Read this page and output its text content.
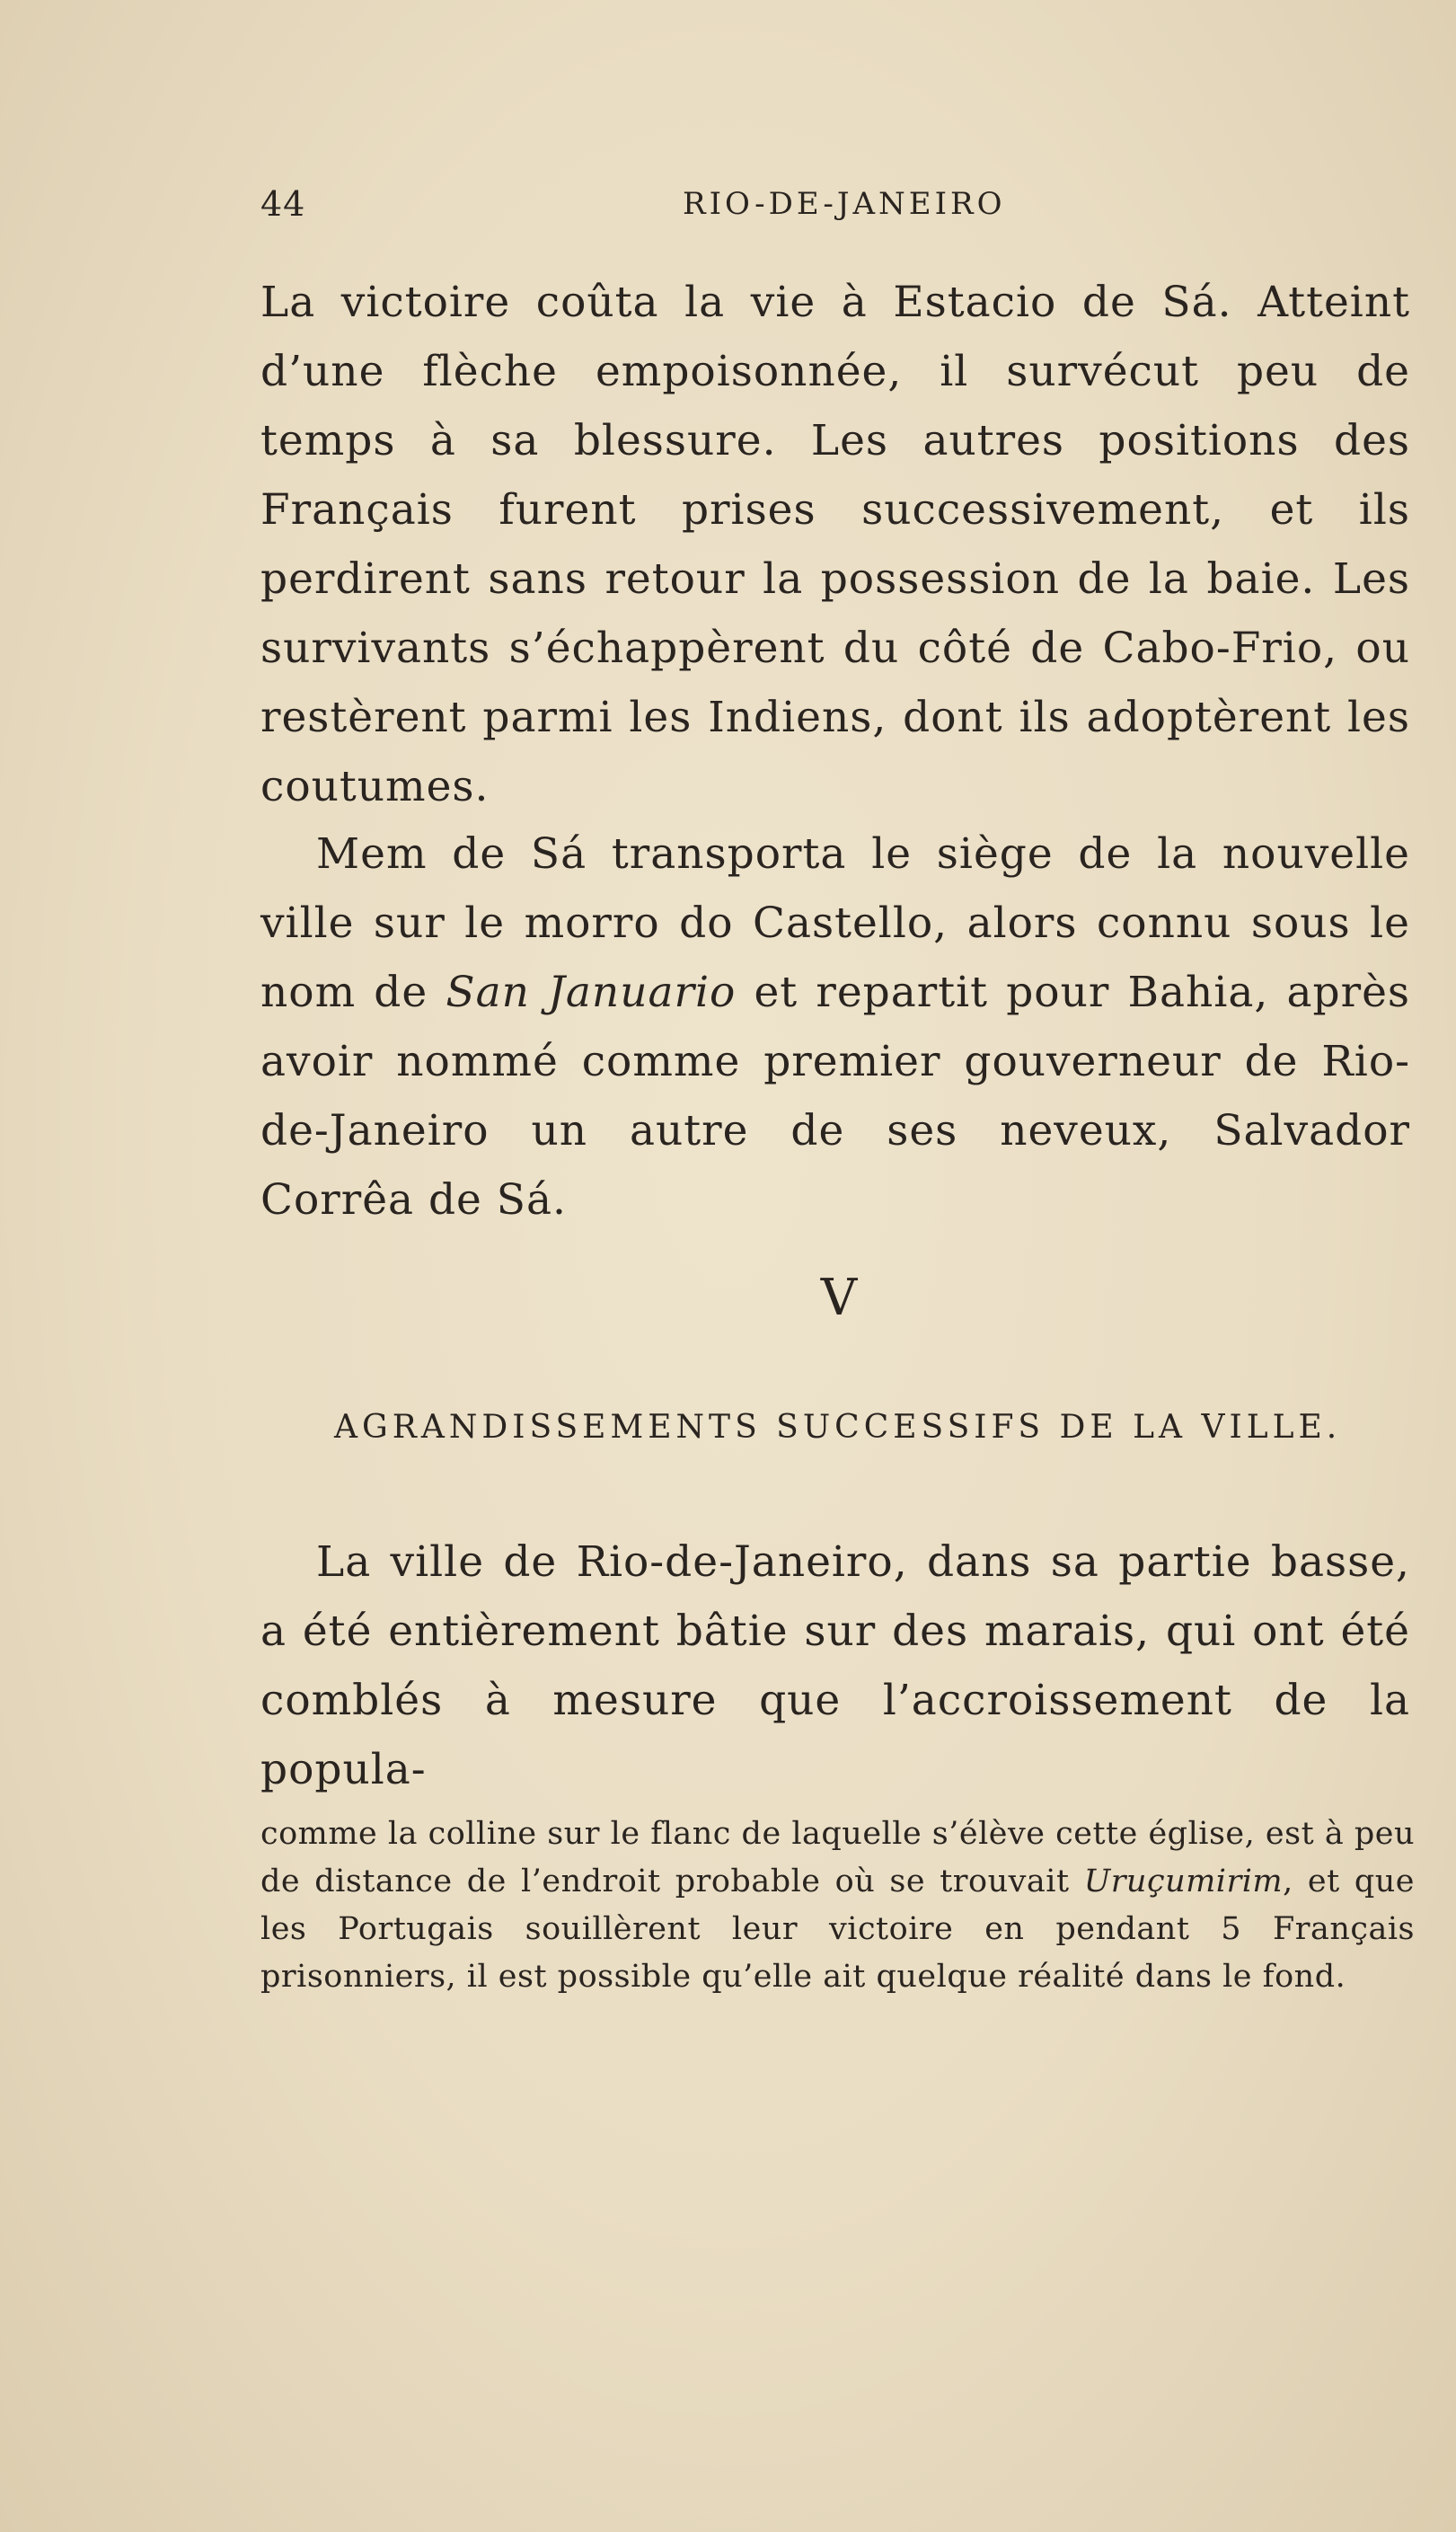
44	RIO-DE-JANEIRO

La victoire coûta la vie à Estacio de Sá. Atteint d’une flèche empoisonnée, il survécut peu de temps à sa blessure. Les autres positions des Français furent prises successivement, et ils perdirent sans retour la possession de la baie. Les survivants s’échappèrent du côté de Cabo-Frio, ou restèrent parmi les Indiens, dont ils adoptèrent les coutumes.

Mem de Sá transporta le siège de la nouvelle ville sur le morro do Castello, alors connu sous le nom de San Januario et repartit pour Bahia, après avoir nommé comme premier gouverneur de Rio-de-Janeiro un autre de ses neveux, Salvador Corrêa de Sá.

V
AGRANDISSEMENTS SUCCESSIFS DE LA VILLE.

La ville de Rio-de-Janeiro, dans sa partie basse, a été entièrement bâtie sur des marais, qui ont été comblés à mesure que l’accroissement de la popula-

comme la colline sur le flanc de laquelle s’élève cette église, est à peu de distance de l’endroit probable où se trouvait Uruçumirim, et que les Portugais souillèrent leur victoire en pendant 5 Français prisonniers, il est possible qu’elle ait quelque réalité dans le fond.
